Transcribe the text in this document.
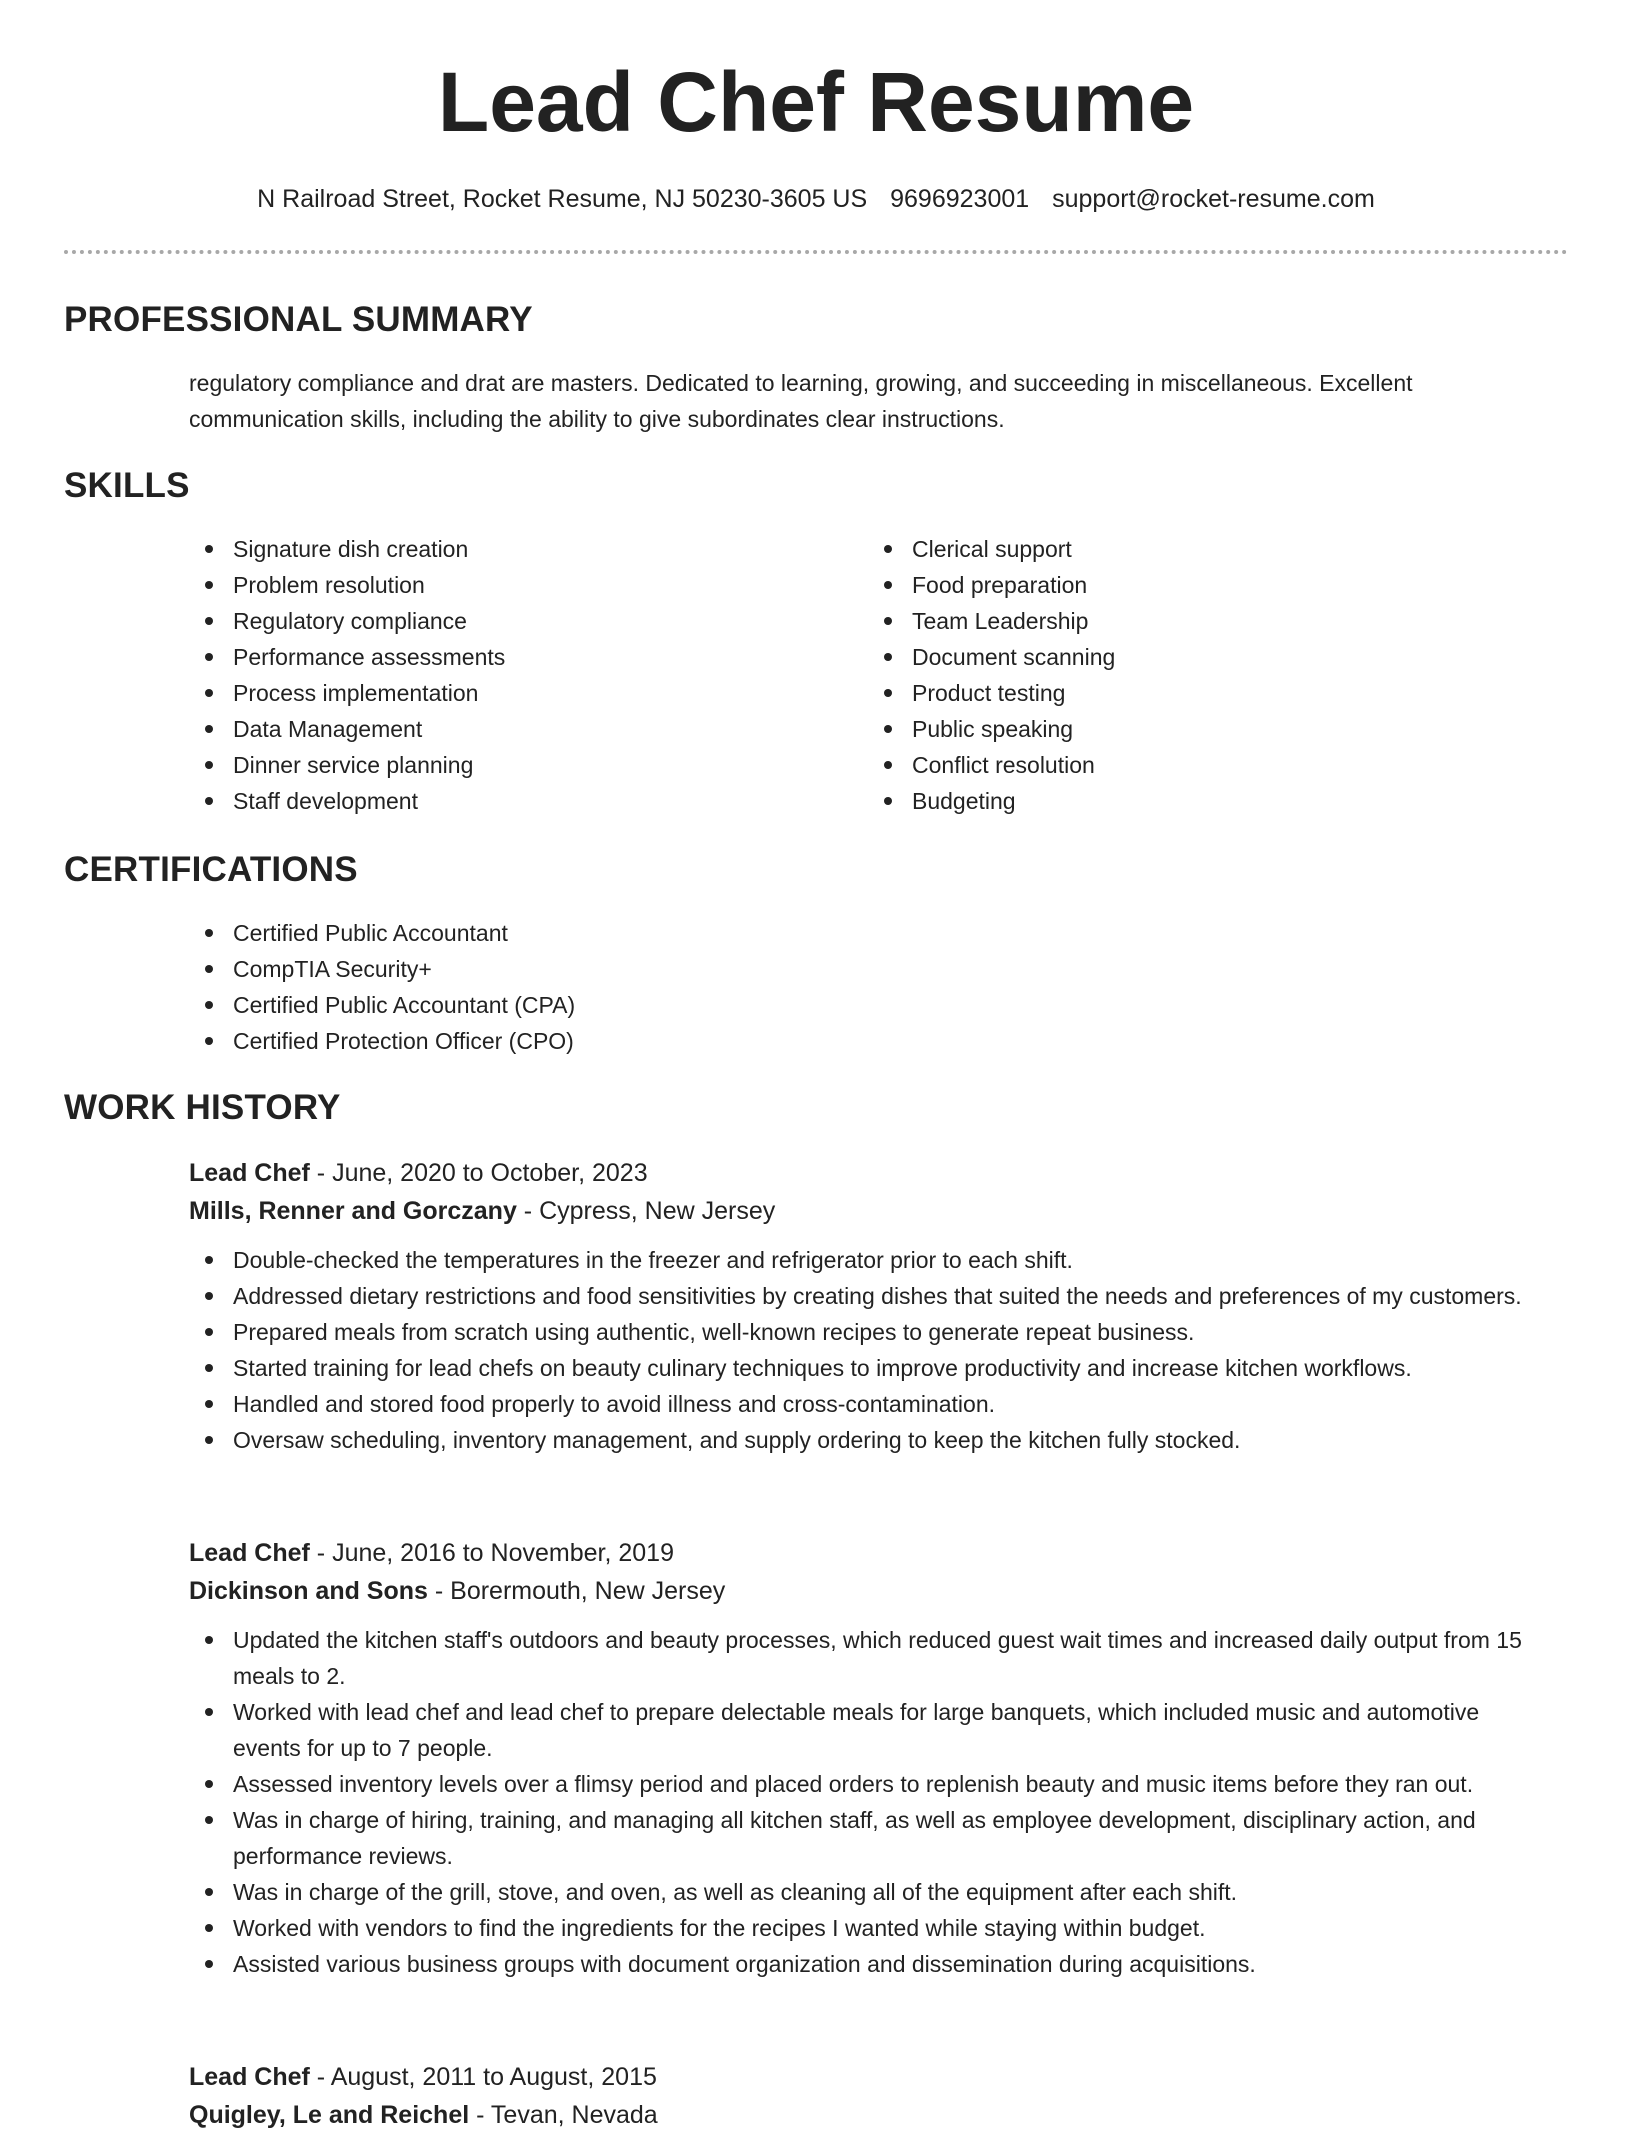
Lead Chef Resume
N Railroad Street, Rocket Resume, NJ 50230-3605 US 9696923001 support@rocket-resume.com
PROFESSIONAL SUMMARY

regulatory compliance and drat are masters. Dedicated to learning, growing, and succeeding in miscellaneous. Excellent communication skills, including the ability to give subordinates clear instructions.

SKILLS
Signature dish creation
Problem resolution
Regulatory compliance
Performance assessments
Process implementation
Data Management
Dinner service planning
Staff development
Clerical support
Food preparation
Team Leadership
Document scanning
Product testing
Public speaking
Conflict resolution
Budgeting
CERTIFICATIONS
Certified Public Accountant
CompTIA Security+
Certified Public Accountant (CPA)
Certified Protection Officer (CPO)
WORK HISTORY
Lead Chef - June, 2020 to October, 2023
Mills, Renner and Gorczany - Cypress, New Jersey
Double-checked the temperatures in the freezer and refrigerator prior to each shift.
Addressed dietary restrictions and food sensitivities by creating dishes that suited the needs and preferences of my customers.
Prepared meals from scratch using authentic, well-known recipes to generate repeat business.
Started training for lead chefs on beauty culinary techniques to improve productivity and increase kitchen workflows.
Handled and stored food properly to avoid illness and cross-contamination.
Oversaw scheduling, inventory management, and supply ordering to keep the kitchen fully stocked.
Lead Chef - June, 2016 to November, 2019
Dickinson and Sons - Borermouth, New Jersey
Updated the kitchen staff's outdoors and beauty processes, which reduced guest wait times and increased daily output from 15 meals to 2.
Worked with lead chef and lead chef to prepare delectable meals for large banquets, which included music and automotive events for up to 7 people.
Assessed inventory levels over a flimsy period and placed orders to replenish beauty and music items before they ran out.
Was in charge of hiring, training, and managing all kitchen staff, as well as employee development, disciplinary action, and performance reviews.
Was in charge of the grill, stove, and oven, as well as cleaning all of the equipment after each shift.
Worked with vendors to find the ingredients for the recipes I wanted while staying within budget.
Assisted various business groups with document organization and dissemination during acquisitions.
Lead Chef - August, 2011 to August, 2015
Quigley, Le and Reichel - Tevan, Nevada
